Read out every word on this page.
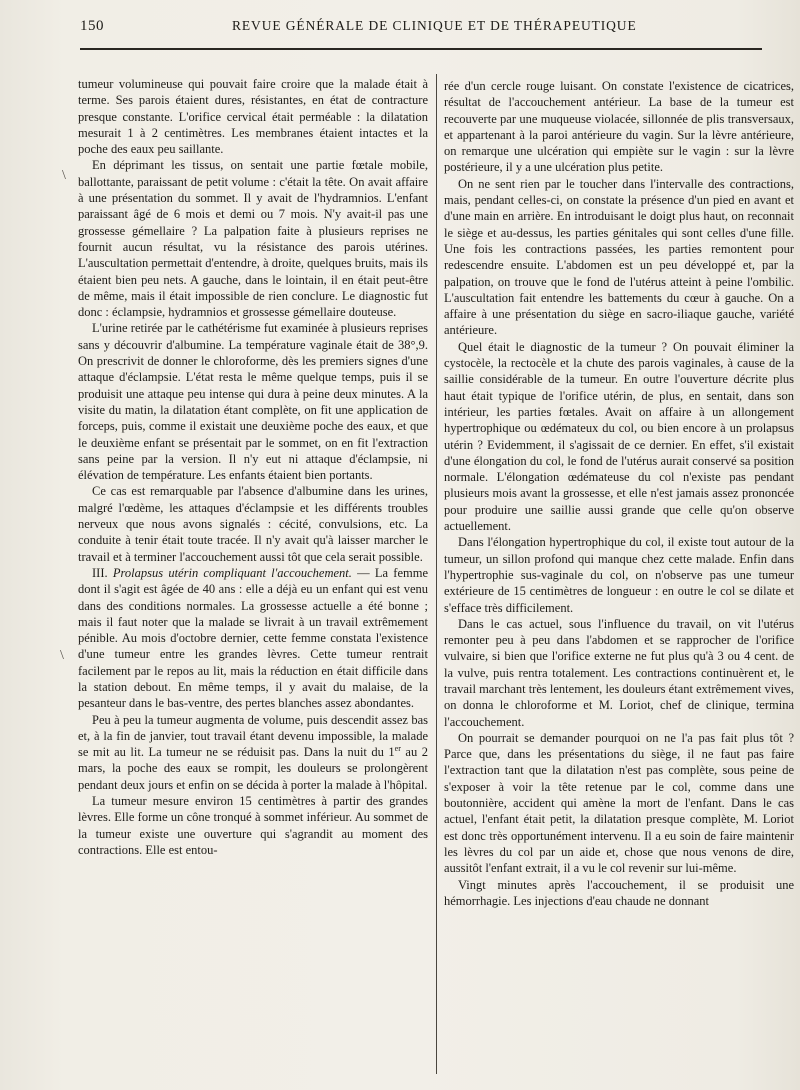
150	REVUE GÉNÉRALE DE CLINIQUE ET DE THÉRAPEUTIQUE

tumeur volumineuse qui pouvait faire croire que la malade était à terme. Ses parois étaient dures, résistantes, en état de contracture presque constante. L'orifice cervical était perméable : la dilatation mesurait 1 à 2 centimètres. Les membranes étaient intactes et la poche des eaux peu saillante.

En déprimant les tissus, on sentait une partie fœtale mobile, ballottante, paraissant de petit volume : c'était la tête. On avait affaire à une présentation du sommet. Il y avait de l'hydramnios. L'enfant paraissant âgé de 6 mois et demi ou 7 mois. N'y avait-il pas une grossesse gémellaire ? La palpation faite à plusieurs reprises ne fournit aucun résultat, vu la résistance des parois utérines. L'auscultation permettait d'entendre, à droite, quelques bruits, mais ils étaient bien peu nets. A gauche, dans le lointain, il en était peut-être de même, mais il était impossible de rien conclure. Le diagnostic fut donc : éclampsie, hydramnios et grossesse gémellaire douteuse.

L'urine retirée par le cathétérisme fut examinée à plusieurs reprises sans y découvrir d'albumine. La température vaginale était de 38°,9. On prescrivit de donner le chloroforme, dès les premiers signes d'une attaque d'éclampsie. L'état resta le même quelque temps, puis il se produisit une attaque peu intense qui dura à peine deux minutes. A la visite du matin, la dilatation étant complète, on fit une application de forceps, puis, comme il existait une deuxième poche des eaux, et que le deuxième enfant se présentait par le sommet, on en fit l'extraction sans peine par la version. Il n'y eut ni attaque d'éclampsie, ni élévation de température. Les enfants étaient bien portants.

Ce cas est remarquable par l'absence d'albumine dans les urines, malgré l'œdème, les attaques d'éclampsie et les différents troubles nerveux que nous avons signalés : cécité, convulsions, etc. La conduite à tenir était toute tracée. Il n'y avait qu'à laisser marcher le travail et à terminer l'accouchement aussi tôt que cela serait possible.

III. Prolapsus utérin compliquant l'accouchement. — La femme dont il s'agit est âgée de 40 ans : elle a déjà eu un enfant qui est venu dans des conditions normales. La grossesse actuelle a été bonne ; mais il faut noter que la malade se livrait à un travail extrêmement pénible. Au mois d'octobre dernier, cette femme constata l'existence d'une tumeur entre les grandes lèvres. Cette tumeur rentrait facilement par le repos au lit, mais la réduction en était difficile dans la station debout. En même temps, il y avait du malaise, de la pesanteur dans le bas-ventre, des pertes blanches assez abondantes.

Peu à peu la tumeur augmenta de volume, puis descendit assez bas et, à la fin de janvier, tout travail étant devenu impossible, la malade se mit au lit. La tumeur ne se réduisit pas. Dans la nuit du 1er au 2 mars, la poche des eaux se rompit, les douleurs se prolongèrent pendant deux jours et enfin on se décida à porter la malade à l'hôpital.

La tumeur mesure environ 15 centimètres à partir des grandes lèvres. Elle forme un cône tronqué à sommet inférieur. Au sommet de la tumeur existe une ouverture qui s'agrandit au moment des contractions. Elle est entou-

rée d'un cercle rouge luisant. On constate l'existence de cicatrices, résultat de l'accouchement antérieur. La base de la tumeur est recouverte par une muqueuse violacée, sillonnée de plis transversaux, et appartenant à la paroi antérieure du vagin. Sur la lèvre antérieure, on remarque une ulcération qui empiète sur le vagin : sur la lèvre postérieure, il y a une ulcération plus petite.

On ne sent rien par le toucher dans l'intervalle des contractions, mais, pendant celles-ci, on constate la présence d'un pied en avant et d'une main en arrière. En introduisant le doigt plus haut, on reconnait le siège et au-dessus, les parties génitales qui sont celles d'une fille. Une fois les contractions passées, les parties remontent pour redescendre ensuite. L'abdomen est un peu développé et, par la palpation, on trouve que le fond de l'utérus atteint à peine l'ombilic. L'auscultation fait entendre les battements du cœur à gauche. On a affaire à une présentation du siège en sacro-iliaque gauche, variété antérieure.

Quel était le diagnostic de la tumeur ? On pouvait éliminer la cystocèle, la rectocèle et la chute des parois vaginales, à cause de la saillie considérable de la tumeur. En outre l'ouverture décrite plus haut était typique de l'orifice utérin, de plus, en sentait, dans son intérieur, les parties fœtales. Avait on affaire à un allongement hypertrophique ou œdémateux du col, ou bien encore à un prolapsus utérin ? Evidemment, il s'agissait de ce dernier. En effet, s'il existait d'une élongation du col, le fond de l'utérus aurait conservé sa position normale. L'élongation œdémateuse du col n'existe pas pendant plusieurs mois avant la grossesse, et elle n'est jamais assez prononcée pour produire une saillie aussi grande que celle qu'on observe actuellement.

Dans l'élongation hypertrophique du col, il existe tout autour de la tumeur, un sillon profond qui manque chez cette malade. Enfin dans l'hypertrophie sus-vaginale du col, on n'observe pas une tumeur extérieure de 15 centimètres de longueur : en outre le col se dilate et s'efface très difficilement.

Dans le cas actuel, sous l'influence du travail, on vit l'utérus remonter peu à peu dans l'abdomen et se rapprocher de l'orifice vulvaire, si bien que l'orifice externe ne fut plus qu'à 3 ou 4 cent. de la vulve, puis rentra totalement. Les contractions continuèrent et, le travail marchant très lentement, les douleurs étant extrêmement vives, on donna le chloroforme et M. Loriot, chef de clinique, termina l'accouchement.

On pourrait se demander pourquoi on ne l'a pas fait plus tôt ? Parce que, dans les présentations du siège, il ne faut pas faire l'extraction tant que la dilatation n'est pas complète, sous peine de s'exposer à voir la tête retenue par le col, comme dans une boutonnière, accident qui amène la mort de l'enfant. Dans le cas actuel, l'enfant était petit, la dilatation presque complète, M. Loriot est donc très opportunément intervenu. Il a eu soin de faire maintenir les lèvres du col par un aide et, chose que nous venons de dire, aussitôt l'enfant extrait, il a vu le col revenir sur lui-même.

Vingt minutes après l'accouchement, il se produisit une hémorrhagie. Les injections d'eau chaude ne donnant

\
\
